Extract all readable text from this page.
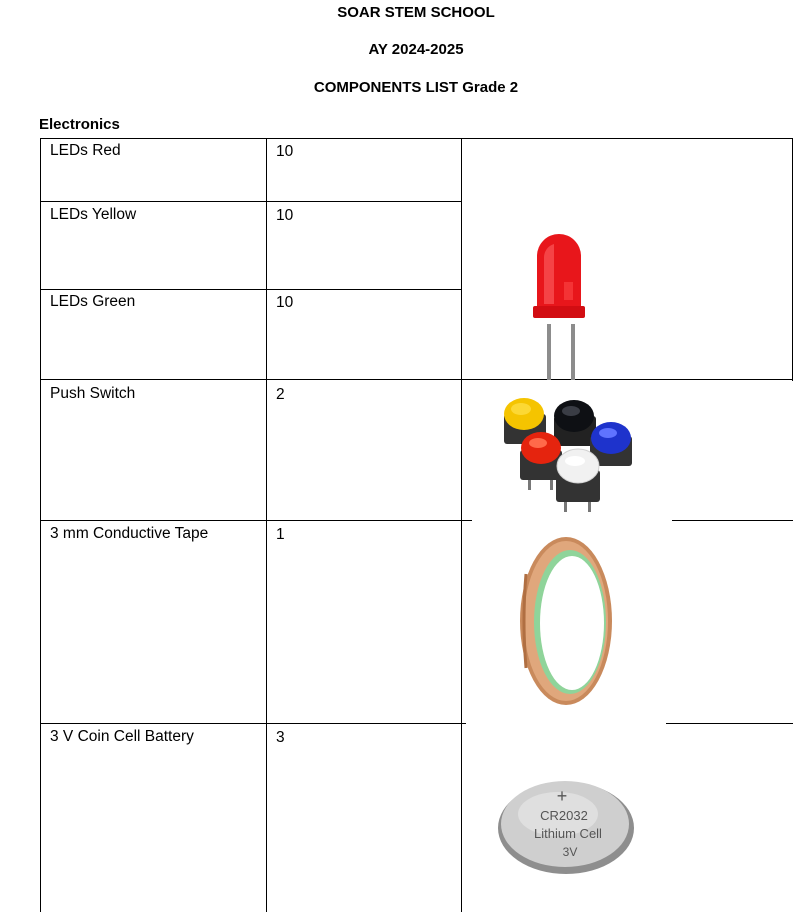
SOAR STEM SCHOOL
AY 2024-2025
COMPONENTS LIST Grade 2
Electronics
LEDs Red	10
LEDs Yellow	10
LEDs Green	10
Push Switch	2
3 mm Conductive Tape	1
3 V Coin Cell Battery	3
+
CR2032
Lithium Cell
3V
